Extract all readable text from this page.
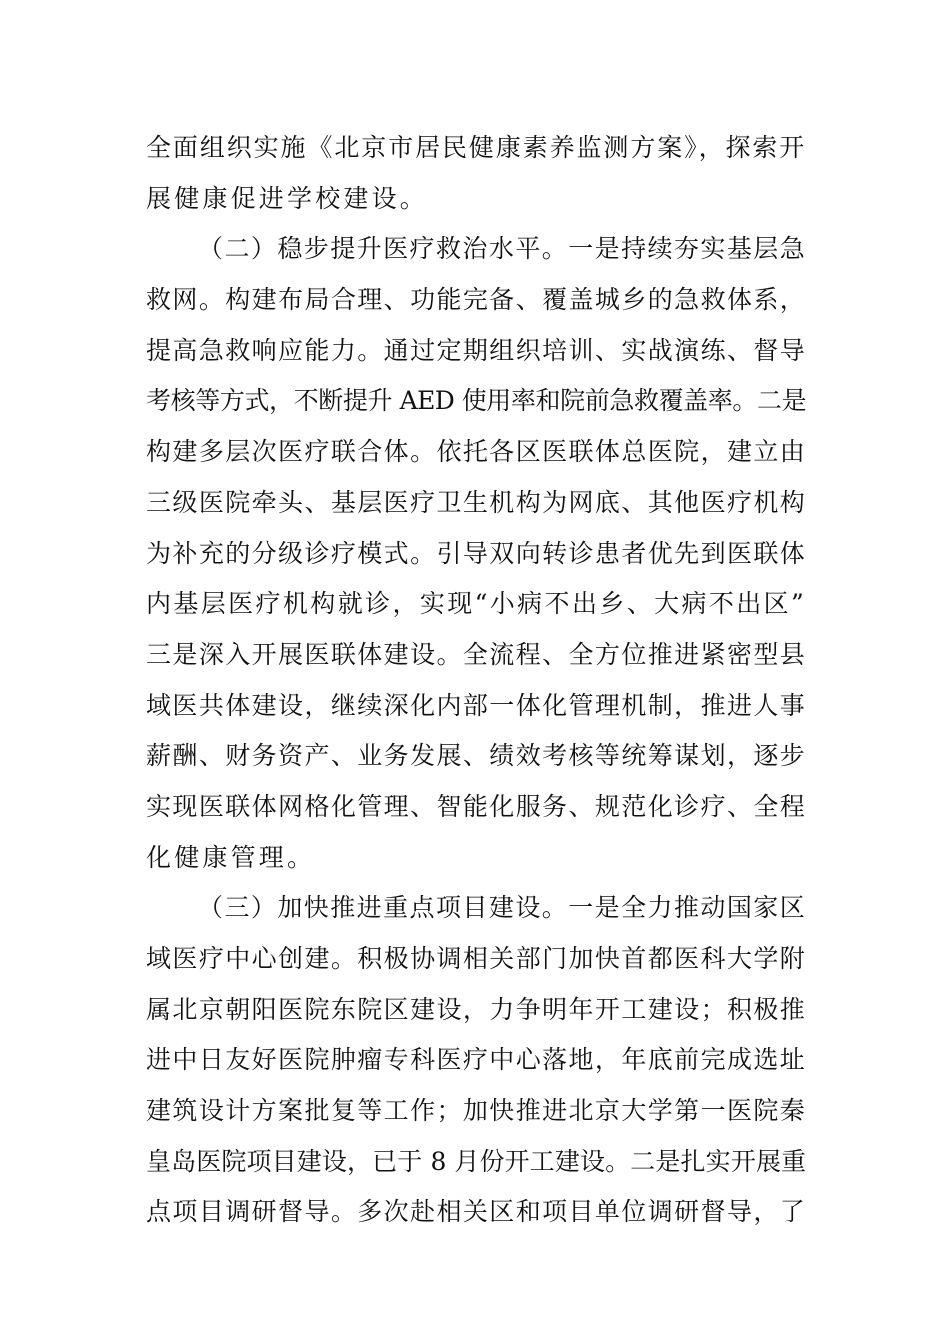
全面组织实施《北京市居民健康素养监测方案》，探索开
展健康促进学校建设。
（二）稳步提升医疗救治水平。一是持续夯实基层急
救网。构建布局合理、功能完备、覆盖城乡的急救体系，
提高急救响应能力。通过定期组织培训、实战演练、督导
考核等方式，不断提升 AED 使用率和院前急救覆盖率。二是
构建多层次医疗联合体。依托各区医联体总医院，建立由
三级医院牵头、基层医疗卫生机构为网底、其他医疗机构
为补充的分级诊疗模式。引导双向转诊患者优先到医联体
内基层医疗机构就诊，实现“小病不出乡、大病不出区”
三是深入开展医联体建设。全流程、全方位推进紧密型县
域医共体建设，继续深化内部一体化管理机制，推进人事
薪酬、财务资产、业务发展、绩效考核等统筹谋划，逐步
实现医联体网格化管理、智能化服务、规范化诊疗、全程
化健康管理。
（三）加快推进重点项目建设。一是全力推动国家区
域医疗中心创建。积极协调相关部门加快首都医科大学附
属北京朝阳医院东院区建设，力争明年开工建设；积极推
进中日友好医院肿瘤专科医疗中心落地，年底前完成选址
建筑设计方案批复等工作；加快推进北京大学第一医院秦
皇岛医院项目建设，已于 8 月份开工建设。二是扎实开展重
点项目调研督导。多次赴相关区和项目单位调研督导，了
